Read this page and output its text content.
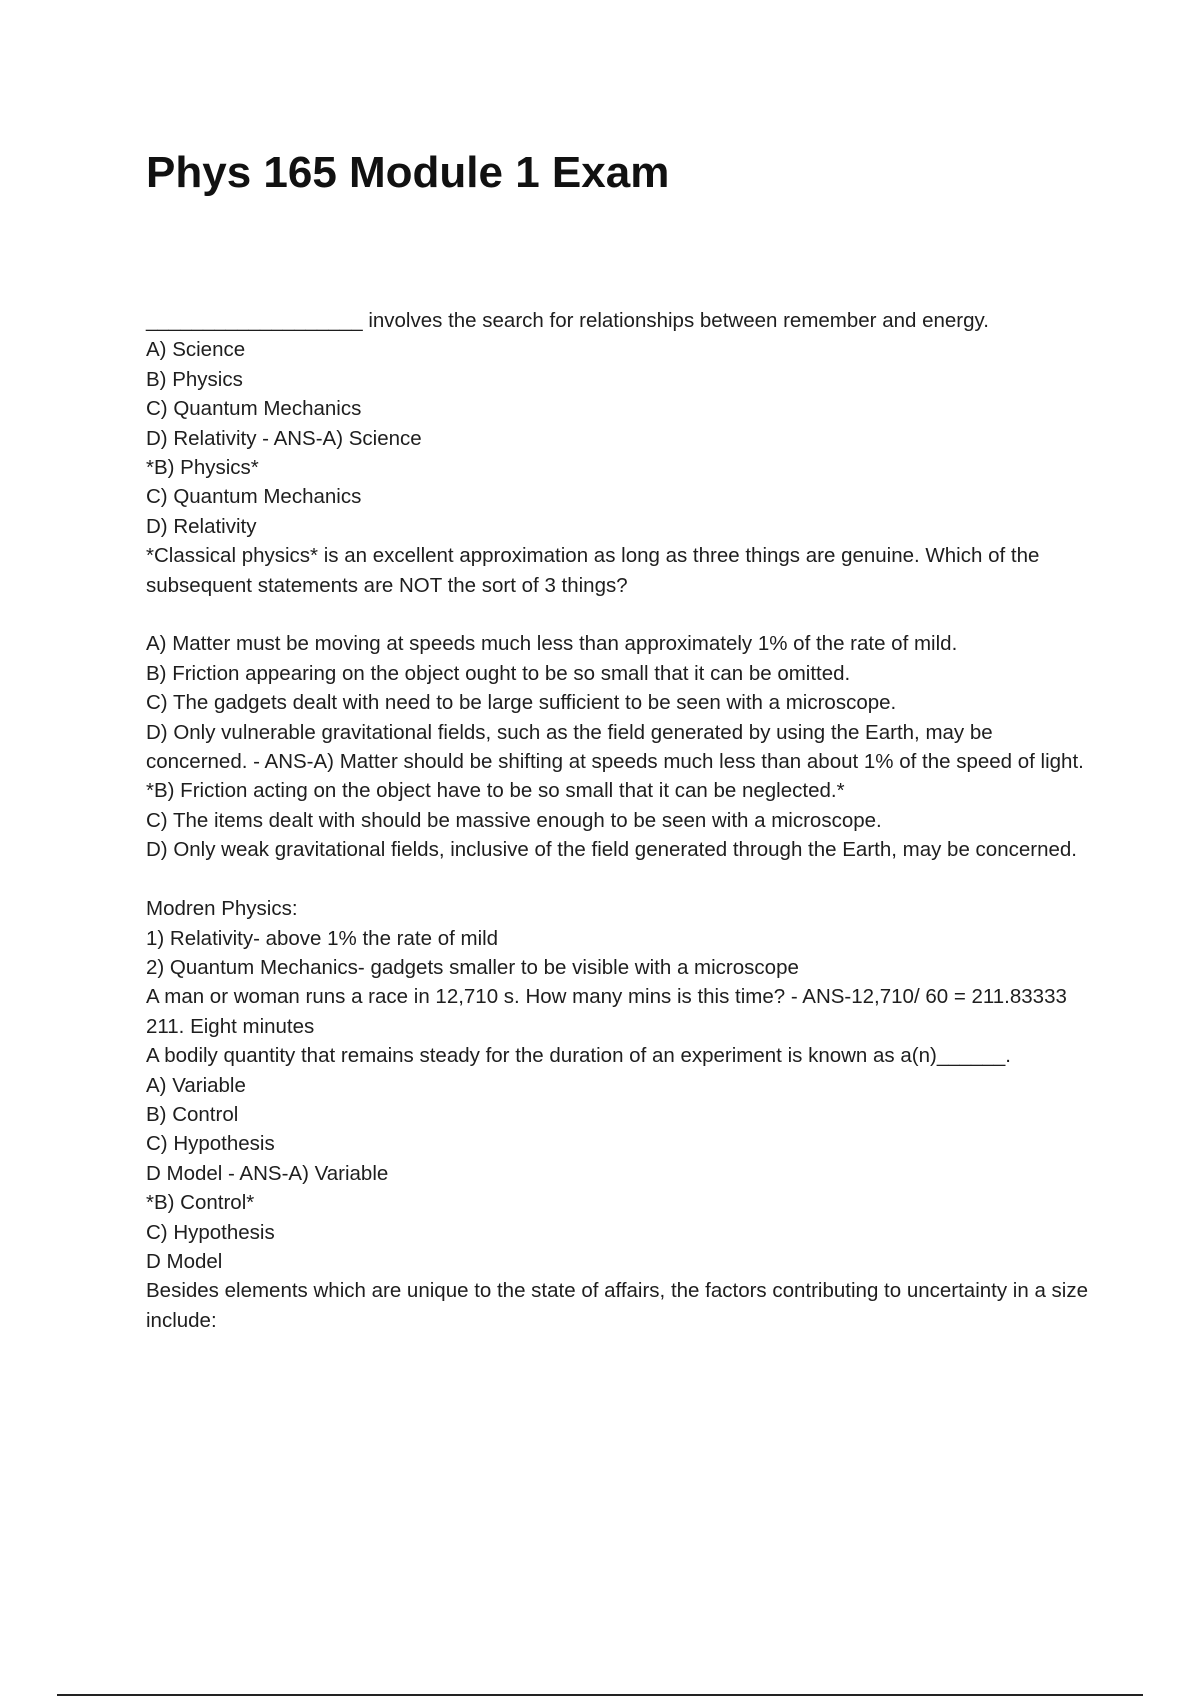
Phys 165 Module 1 Exam
___________________ involves the search for relationships between remember and energy.
A) Science
B) Physics
C) Quantum Mechanics
D) Relativity - ANS-A) Science
*B) Physics*
C) Quantum Mechanics
D) Relativity
*Classical physics* is an excellent approximation as long as three things are genuine. Which of the subsequent statements are NOT the sort of 3 things?
A) Matter must be moving at speeds much less than approximately 1% of the rate of mild.
B) Friction appearing on the object ought to be so small that it can be omitted.
C) The gadgets dealt with need to be large sufficient to be seen with a microscope.
D) Only vulnerable gravitational fields, such as the field generated by using the Earth, may be concerned. - ANS-A) Matter should be shifting at speeds much less than about 1% of the speed of light.
*B) Friction acting on the object have to be so small that it can be neglected.*
C) The items dealt with should be massive enough to be seen with a microscope.
D) Only weak gravitational fields, inclusive of the field generated through the Earth, may be concerned.
Modren Physics:
1) Relativity- above 1% the rate of mild
2) Quantum Mechanics- gadgets smaller to be visible with a microscope
A man or woman runs a race in 12,710 s. How many mins is this time? - ANS-12,710/ 60 = 211.83333
211. Eight minutes
A bodily quantity that remains steady for the duration of an experiment is known as a(n)______.
A) Variable
B) Control
C) Hypothesis
D Model - ANS-A) Variable
*B) Control*
C) Hypothesis
D Model
Besides elements which are unique to the state of affairs, the factors contributing to uncertainty in a size include:
